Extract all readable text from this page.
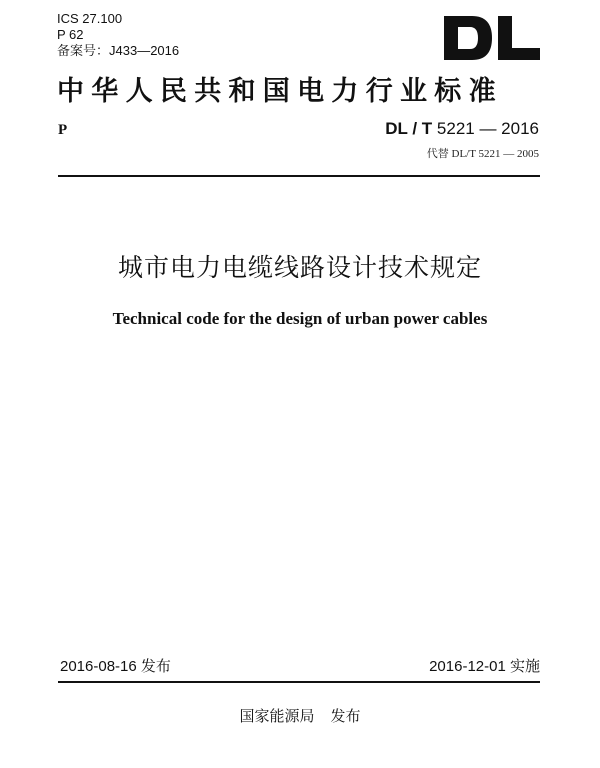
ICS 27.100
P 62
备案号：J433—2016
中华人民共和国电力行业标准
P	DL / T 5221 — 2016
代替 DL/T 5221 — 2005
城市电力电缆线路设计技术规定
Technical code for the design of urban power cables
2016-08-16 发布	2016-12-01 实施
国家能源局 发布
